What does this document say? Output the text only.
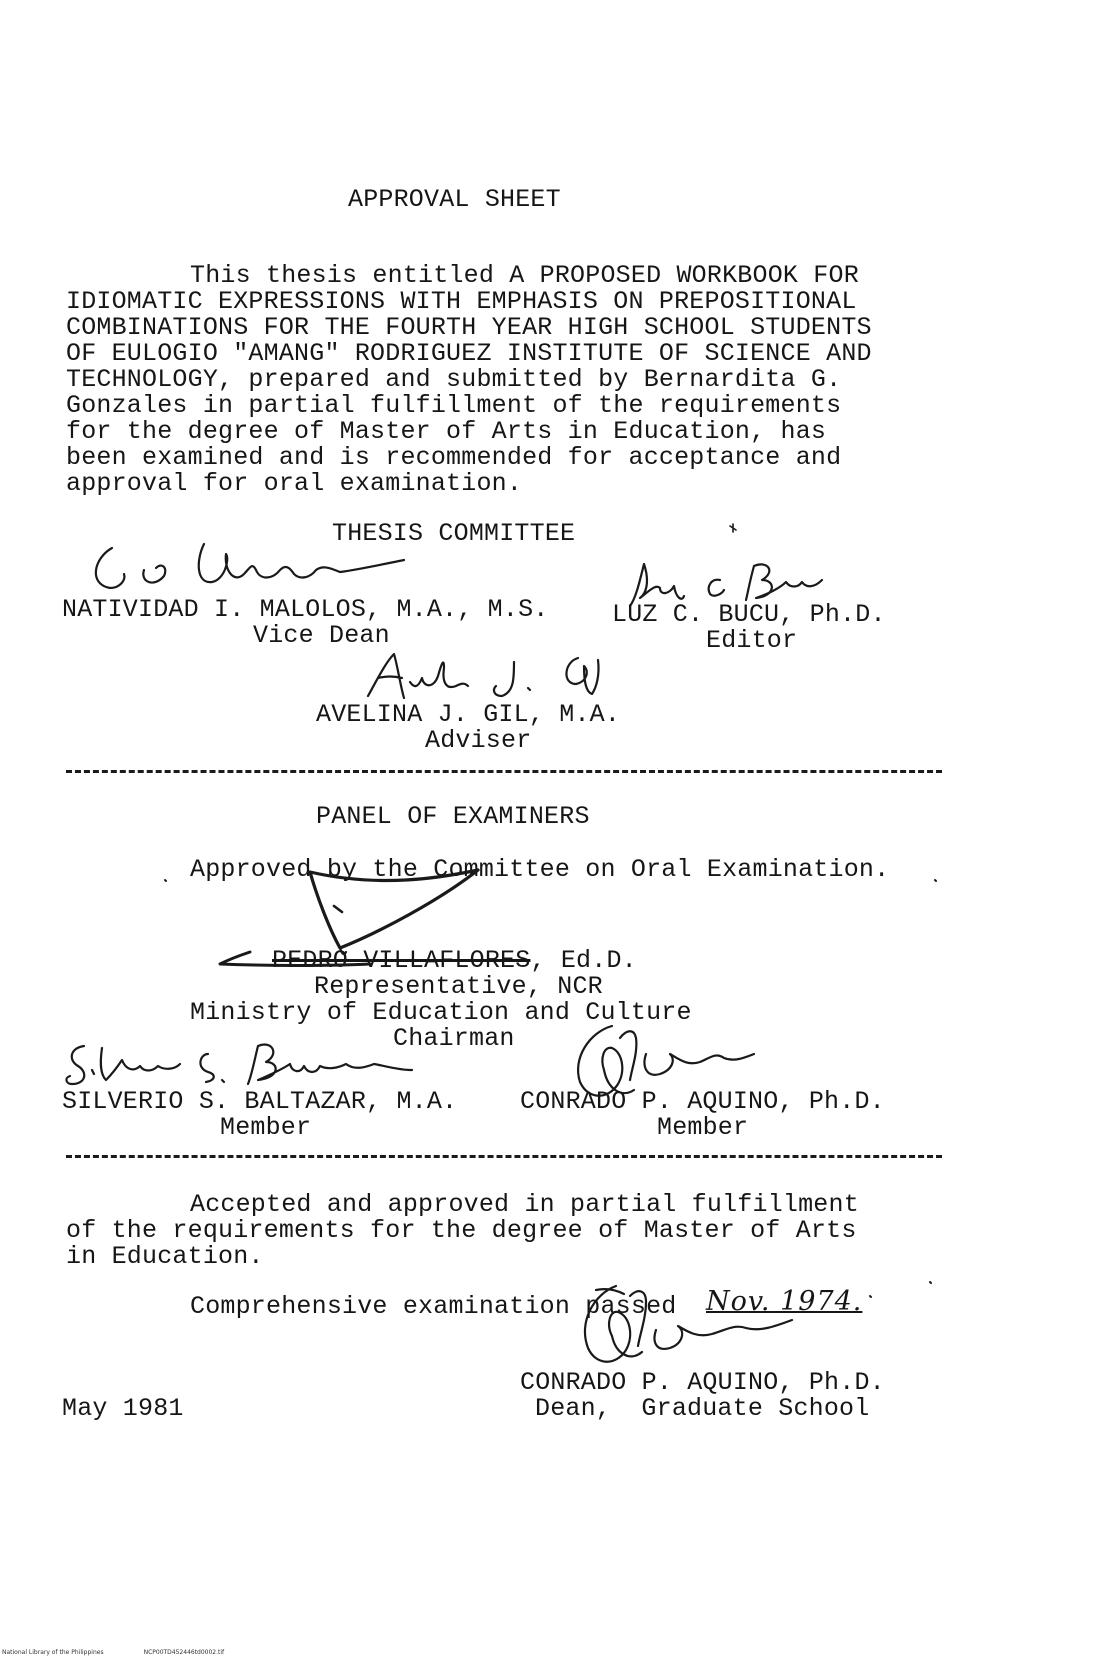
APPROVAL SHEET
This thesis entitled A PROPOSED WORKBOOK FOR
IDIOMATIC EXPRESSIONS WITH EMPHASIS ON PREPOSITIONAL
COMBINATIONS FOR THE FOURTH YEAR HIGH SCHOOL STUDENTS
OF EULOGIO "AMANG" RODRIGUEZ INSTITUTE OF SCIENCE AND
TECHNOLOGY, prepared and submitted by Bernardita G.
Gonzales in partial fulfillment of the requirements
for the degree of Master of Arts in Education, has
been examined and is recommended for acceptance and
approval for oral examination.
THESIS COMMITTEE
NATIVIDAD I. MALOLOS, M.A., M.S.	LUZ C. BUCU, Ph.D.
Vice Dean	Editor
AVELINA J. GIL, M.A.
Adviser
PANEL OF EXAMINERS
Approved by the Committee on Oral Examination.
PEDRO VILLAFLORES, Ed.D.
Representative, NCR
Ministry of Education and Culture
Chairman
SILVERIO S. BALTAZAR, M.A.	CONRADO P. AQUINO, Ph.D.
Member	Member
Accepted and approved in partial fulfillment
of the requirements for the degree of Master of Arts
in Education.
Comprehensive examination passed Nov. 1974.
CONRADO P. AQUINO, Ph.D.
May 1981	Dean,  Graduate School
National Library of the Philippines	NCP00TD452446td0002.tif
